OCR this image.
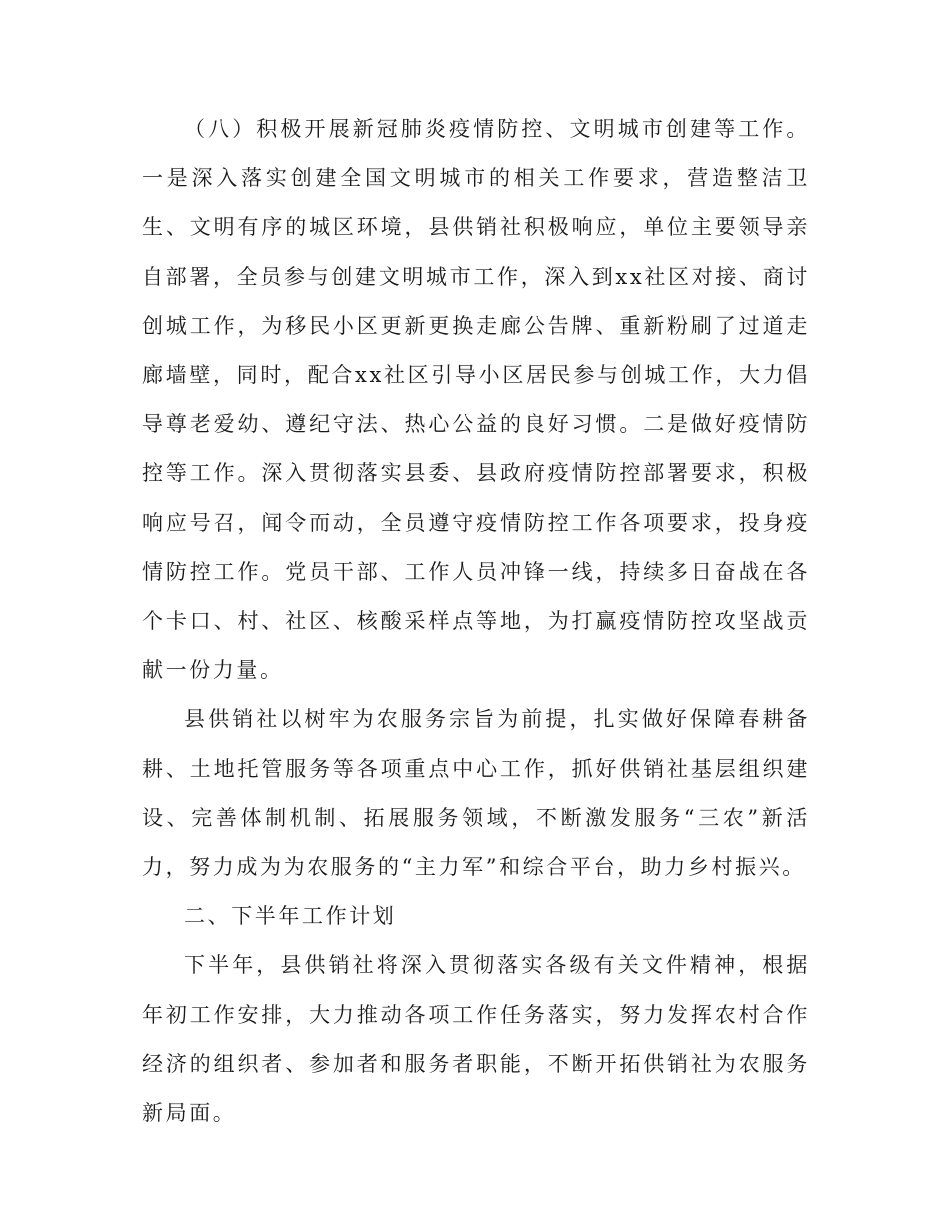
（八）积极开展新冠肺炎疫情防控、文明城市创建等工作。一是深入落实创建全国文明城市的相关工作要求，营造整洁卫生、文明有序的城区环境，县供销社积极响应，单位主要领导亲自部署，全员参与创建文明城市工作，深入到xx社区对接、商讨创城工作，为移民小区更新更换走廊公告牌、重新粉刷了过道走廊墙壁，同时，配合xx社区引导小区居民参与创城工作，大力倡导尊老爱幼、遵纪守法、热心公益的良好习惯。二是做好疫情防控等工作。深入贯彻落实县委、县政府疫情防控部署要求，积极响应号召，闻令而动，全员遵守疫情防控工作各项要求，投身疫情防控工作。党员干部、工作人员冲锋一线，持续多日奋战在各个卡口、村、社区、核酸采样点等地，为打赢疫情防控攻坚战贡献一份力量。

县供销社以树牢为农服务宗旨为前提，扎实做好保障春耕备耕、土地托管服务等各项重点中心工作，抓好供销社基层组织建设、完善体制机制、拓展服务领域，不断激发服务“三农”新活力，努力成为为农服务的“主力军”和综合平台，助力乡村振兴。

二、下半年工作计划

下半年，县供销社将深入贯彻落实各级有关文件精神，根据年初工作安排，大力推动各项工作任务落实，努力发挥农村合作经济的组织者、参加者和服务者职能，不断开拓供销社为农服务新局面。
